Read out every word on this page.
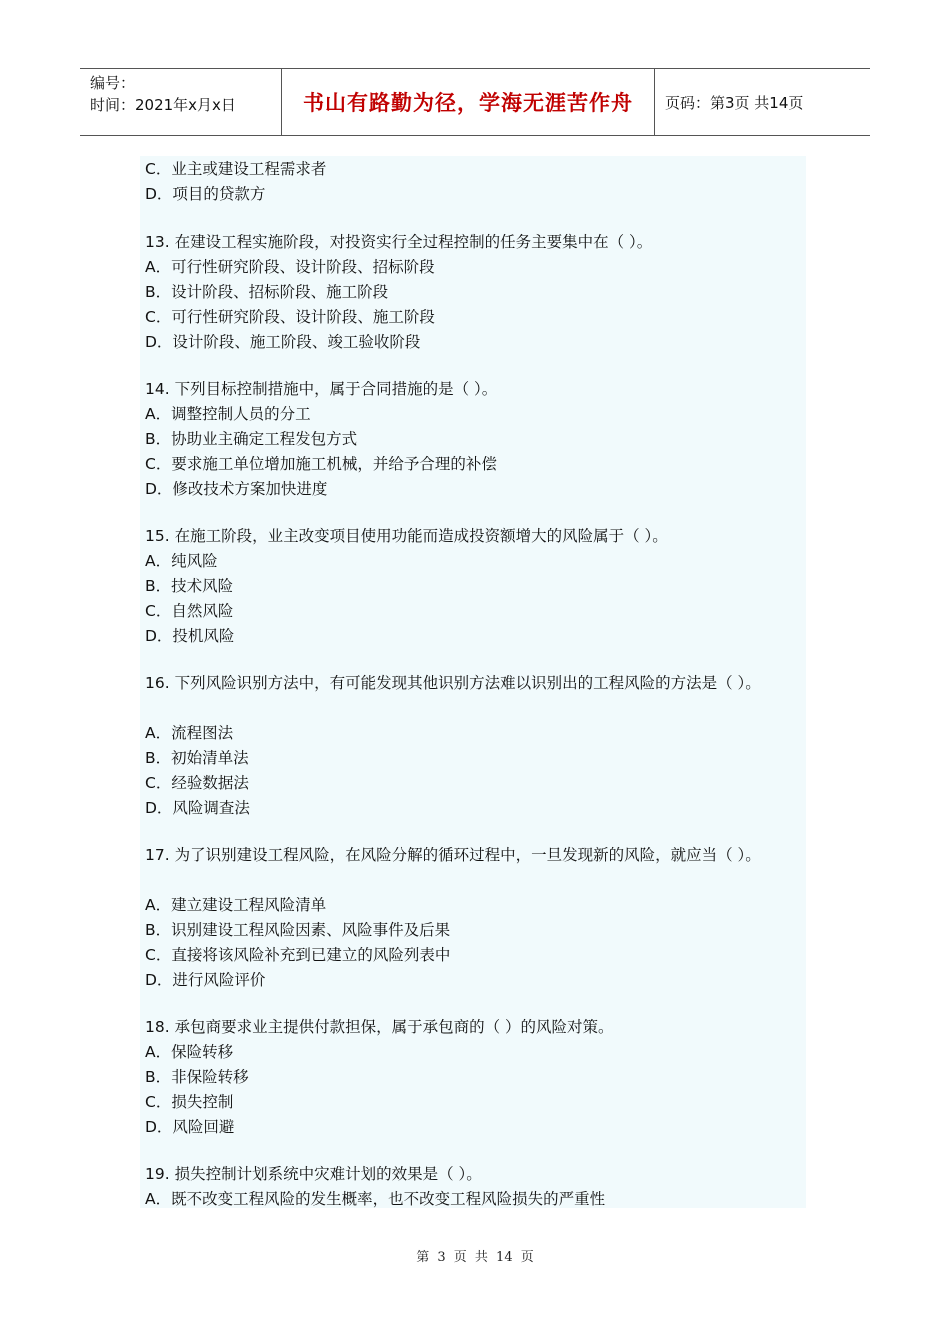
编号：
时间：2021年x月x日	书山有路勤为径，学海无涯苦作舟 页码：第3页 共14页
C．业主或建设工程需求者
D．项目的贷款方
13. 在建设工程实施阶段，对投资实行全过程控制的任务主要集中在（ ）。
A．可行性研究阶段、设计阶段、招标阶段
B．设计阶段、招标阶段、施工阶段
C．可行性研究阶段、设计阶段、施工阶段
D．设计阶段、施工阶段、竣工验收阶段
14. 下列目标控制措施中，属于合同措施的是（ ）。
A．调整控制人员的分工
B．协助业主确定工程发包方式
C．要求施工单位增加施工机械，并给予合理的补偿
D．修改技术方案加快进度
15. 在施工阶段，业主改变项目使用功能而造成投资额增大的风险属于（ ）。
A．纯风险
B．技术风险
C．自然风险
D．投机风险
16. 下列风险识别方法中，有可能发现其他识别方法难以识别出的工程风险的方法是（ ）。
A．流程图法
B．初始清单法
C．经验数据法
D．风险调查法
17. 为了识别建设工程风险，在风险分解的循环过程中，一旦发现新的风险，就应当（ ）。
A．建立建设工程风险清单
B．识别建设工程风险因素、风险事件及后果
C．直接将该风险补充到已建立的风险列表中
D．进行风险评价
18. 承包商要求业主提供付款担保，属于承包商的（ ）的风险对策。
A．保险转移
B．非保险转移
C．损失控制
D．风险回避
19. 损失控制计划系统中灾难计划的效果是（ ）。
A．既不改变工程风险的发生概率，也不改变工程风险损失的严重性
第 3 页 共 14 页
